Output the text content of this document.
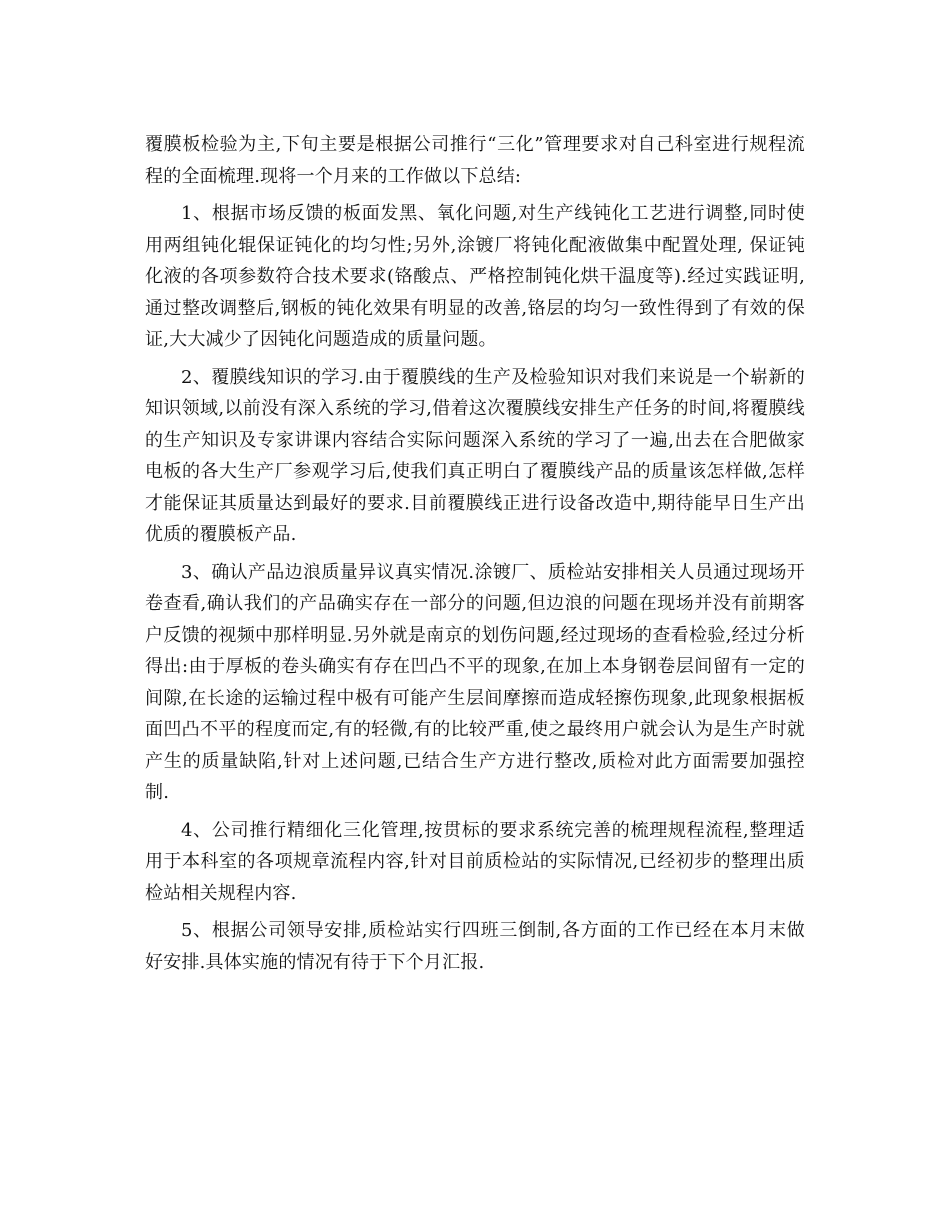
覆膜板检验为主,下旬主要是根据公司推行“三化”管理要求对自己科室进行规程流程的全面梳理.现将一个月来的工作做以下总结:

1、根据市场反馈的板面发黑、氧化问题,对生产线钝化工艺进行调整,同时使用两组钝化辊保证钝化的均匀性;另外,涂镀厂将钝化配液做集中配置处理, 保证钝化液的各项参数符合技术要求(铬酸点、严格控制钝化烘干温度等).经过实践证明,通过整改调整后,钢板的钝化效果有明显的改善,铬层的均匀一致性得到了有效的保证,大大减少了因钝化问题造成的质量问题。

2、覆膜线知识的学习.由于覆膜线的生产及检验知识对我们来说是一个崭新的知识领域,以前没有深入系统的学习,借着这次覆膜线安排生产任务的时间,将覆膜线的生产知识及专家讲课内容结合实际问题深入系统的学习了一遍,出去在合肥做家电板的各大生产厂参观学习后,使我们真正明白了覆膜线产品的质量该怎样做,怎样才能保证其质量达到最好的要求.目前覆膜线正进行设备改造中,期待能早日生产出优质的覆膜板产品.

3、确认产品边浪质量异议真实情况.涂镀厂、质检站安排相关人员通过现场开卷查看,确认我们的产品确实存在一部分的问题,但边浪的问题在现场并没有前期客户反馈的视频中那样明显.另外就是南京的划伤问题,经过现场的查看检验,经过分析得出:由于厚板的卷头确实有存在凹凸不平的现象,在加上本身钢卷层间留有一定的间隙,在长途的运输过程中极有可能产生层间摩擦而造成轻擦伤现象,此现象根据板面凹凸不平的程度而定,有的轻微,有的比较严重,使之最终用户就会认为是生产时就产生的质量缺陷,针对上述问题,已结合生产方进行整改,质检对此方面需要加强控制.

4、公司推行精细化三化管理,按贯标的要求系统完善的梳理规程流程,整理适用于本科室的各项规章流程内容,针对目前质检站的实际情况,已经初步的整理出质检站相关规程内容.

5、根据公司领导安排,质检站实行四班三倒制,各方面的工作已经在本月末做好安排.具体实施的情况有待于下个月汇报.
